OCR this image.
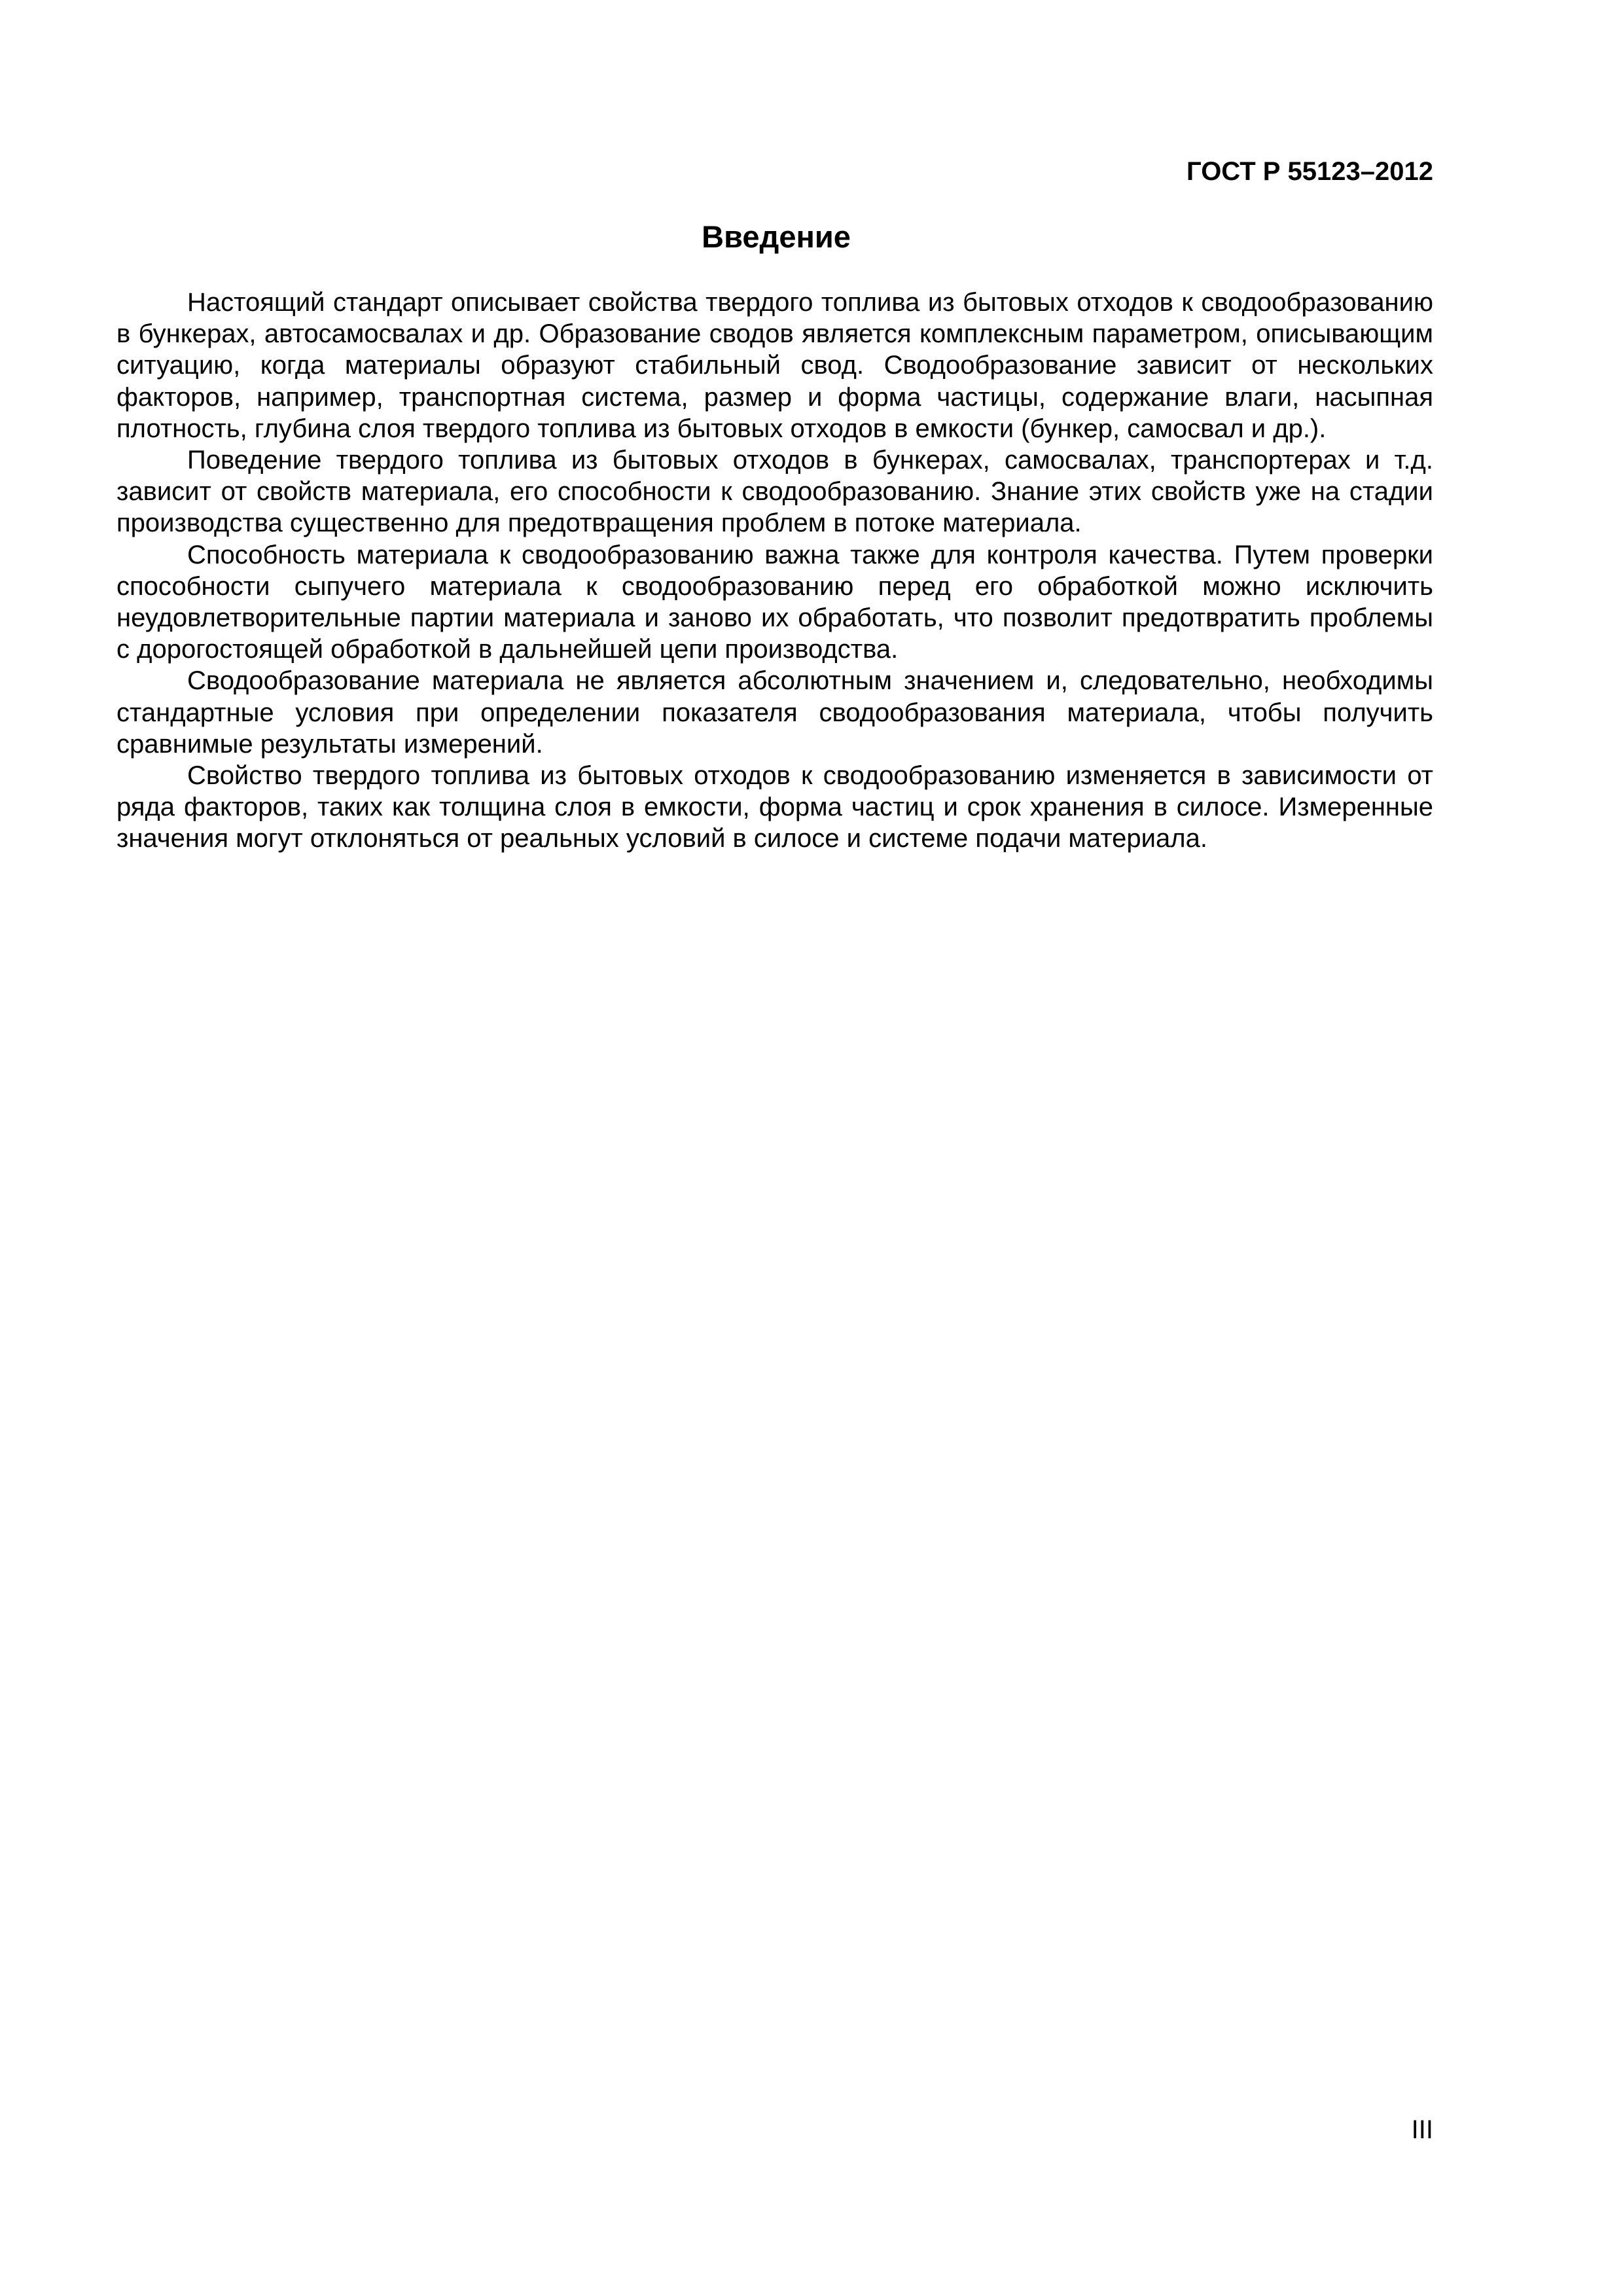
ГОСТ Р 55123–2012
Введение

Настоящий стандарт описывает свойства твердого топлива из бытовых отходов к сводообразованию в бункерах, автосамосвалах и др. Образование сводов является комплексным параметром, описывающим ситуацию, когда материалы образуют стабильный свод. Сводообразование зависит от нескольких факторов, например, транспортная система, размер и форма частицы, содержание влаги, насыпная плотность, глубина слоя твердого топлива из бытовых отходов в емкости (бункер, самосвал и др.).

Поведение твердого топлива из бытовых отходов в бункерах, самосвалах, транспортерах и т.д. зависит от свойств материала, его способности к сводообразованию. Знание этих свойств уже на стадии производства существенно для предотвращения проблем в потоке материала.

Способность материала к сводообразованию важна также для контроля качества. Путем проверки способности сыпучего материала к сводообразованию перед его обработкой можно исключить неудовлетворительные партии материала и заново их обработать, что позволит предотвратить проблемы с дорогостоящей обработкой в дальнейшей цепи производства.

Сводообразование материала не является абсолютным значением и, следовательно, необходимы стандартные условия при определении показателя сводообразования материала, чтобы получить сравнимые результаты измерений.

Свойство твердого топлива из бытовых отходов к сводообразованию изменяется в зависимости от ряда факторов, таких как толщина слоя в емкости, форма частиц и срок хранения в силосе. Измеренные значения могут отклоняться от реальных условий в силосе и системе подачи материала.

III
